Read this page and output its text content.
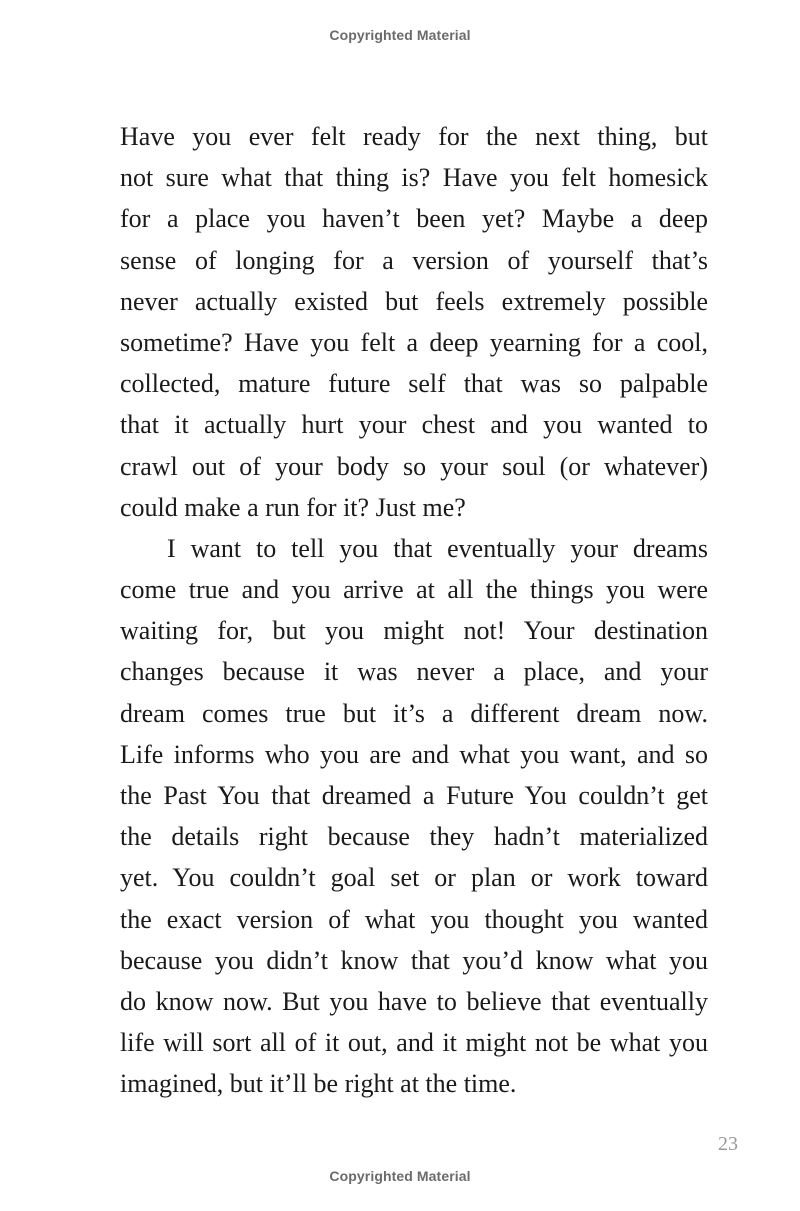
Copyrighted Material
Have you ever felt ready for the next thing, but
not sure what that thing is? Have you felt homesick
for a place you haven’t been yet? Maybe a deep
sense of longing for a version of yourself that’s
never actually existed but feels extremely possible
sometime? Have you felt a deep yearning for a cool,
collected, mature future self that was so palpable
that it actually hurt your chest and you wanted to
crawl out of your body so your soul (or whatever)
could make a run for it? Just me?
I want to tell you that eventually your dreams
come true and you arrive at all the things you were
waiting for, but you might not! Your destination
changes because it was never a place, and your
dream comes true but it’s a different dream now.
Life informs who you are and what you want, and so
the Past You that dreamed a Future You couldn’t get
the details right because they hadn’t materialized
yet. You couldn’t goal set or plan or work toward
the exact version of what you thought you wanted
because you didn’t know that you’d know what you
do know now. But you have to believe that eventually
life will sort all of it out, and it might not be what you
imagined, but it’ll be right at the time.
23
Copyrighted Material
